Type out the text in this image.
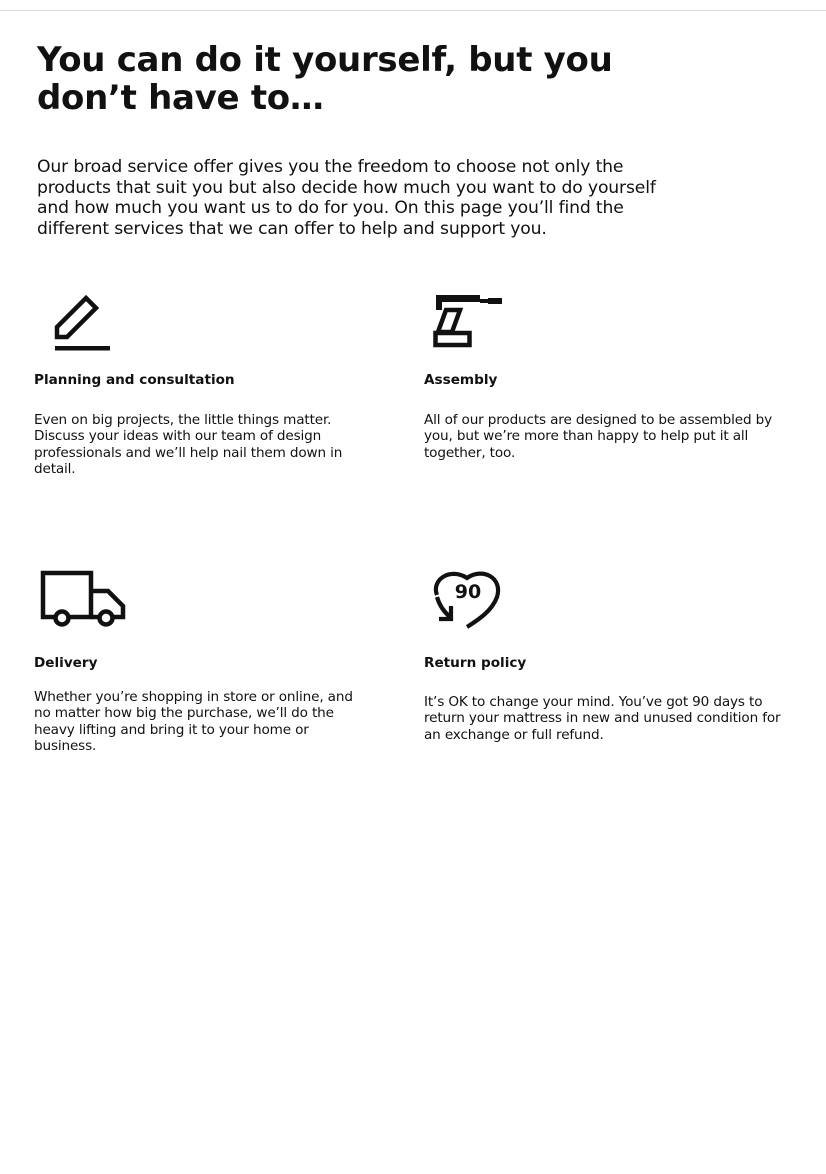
You can do it yourself, but you don’t have to…

Our broad service offer gives you the freedom to choose not only the products that suit you but also decide how much you want to do yourself and how much you want us to do for you. On this page you’ll find the different services that we can offer to help and support you.

Planning and consultation

Even on big projects, the little things matter. Discuss your ideas with our team of design professionals and we’ll help nail them down in detail.

Assembly

All of our products are designed to be assembled by you, but we’re more than happy to help put it all together, too.

Delivery

Whether you’re shopping in store or online, and no matter how big the purchase, we’ll do the heavy lifting and bring it to your home or business.

90
Return policy

It’s OK to change your mind. You’ve got 90 days to return your mattress in new and unused condition for an exchange or full refund.
